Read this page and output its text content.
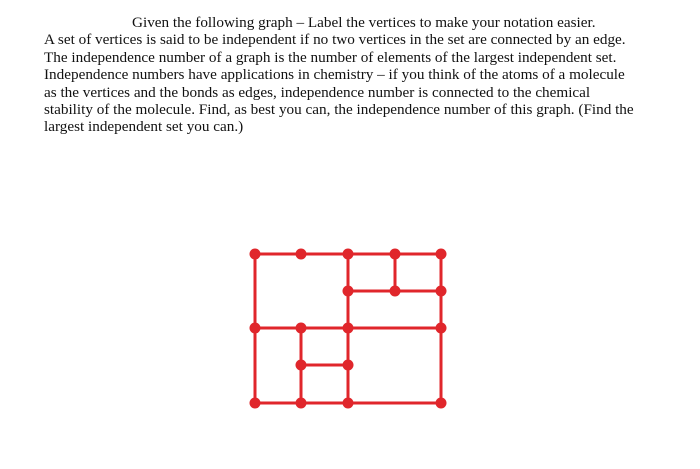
Given the following graph – Label the vertices to make your notation easier.
A set of vertices is said to be independent if no two vertices in the set are connected by an edge.
The independence number of a graph is the number of elements of the largest independent set.
Independence numbers have applications in chemistry – if you think of the atoms of a molecule
as the vertices and the bonds as edges, independence number is connected to the chemical
stability of the molecule. Find, as best you can, the independence number of this graph. (Find the
largest independent set you can.)
